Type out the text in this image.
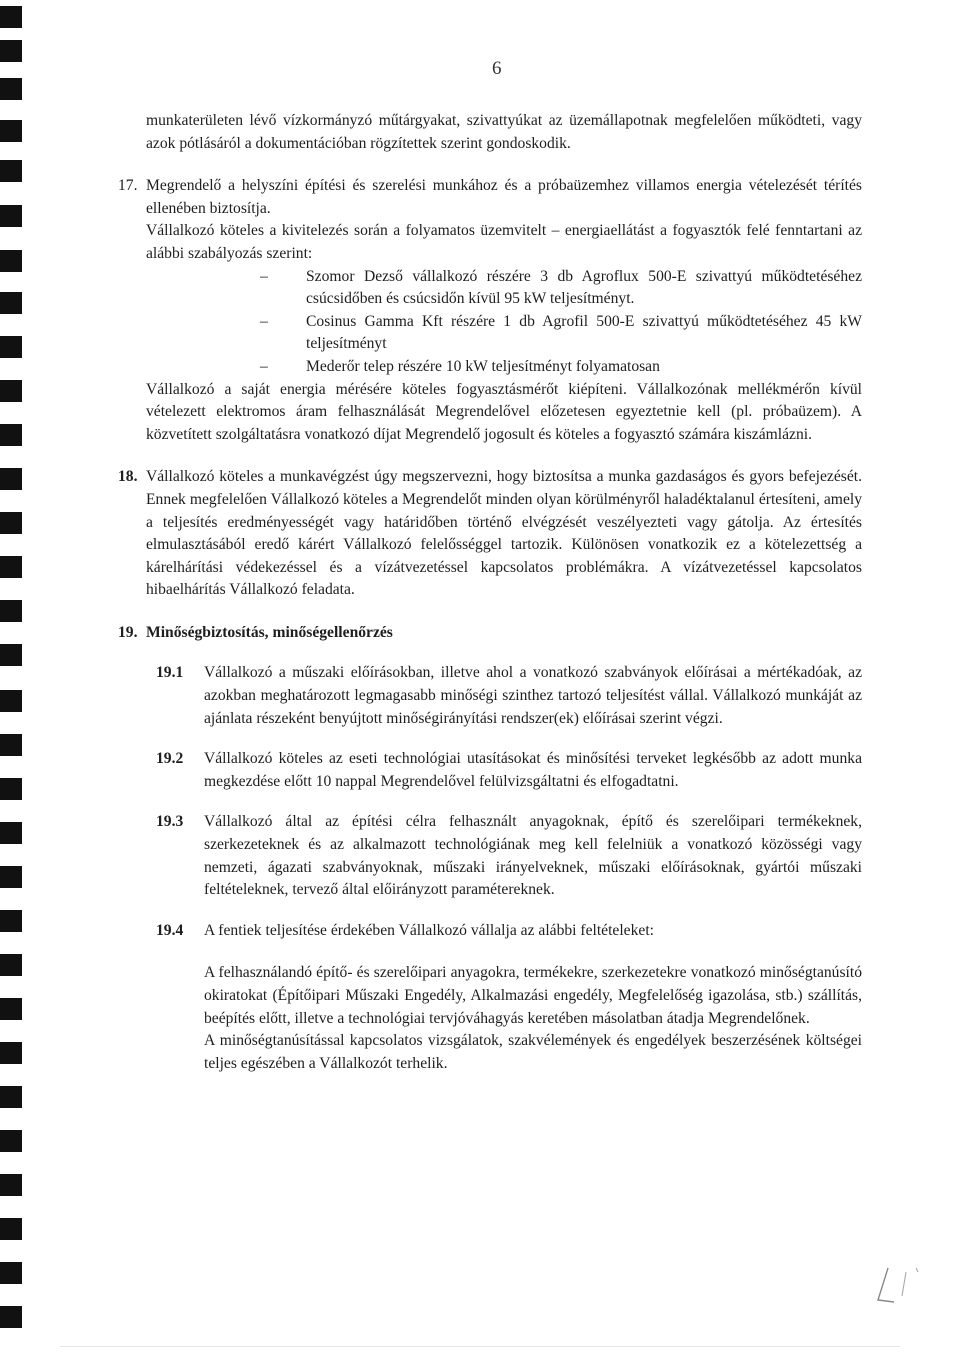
6

munkaterületen lévő vízkormányzó műtárgyakat, szivattyúkat az üzemállapotnak megfelelően működteti, vagy azok pótlásáról a dokumentációban rögzítettek szerint gondoskodik.

17. Megrendelő a helyszíni építési és szerelési munkához és a próbaüzemhez villamos energia vételezését térítés ellenében biztosítja.

Vállalkozó köteles a kivitelezés során a folyamatos üzemvitelt – energiaellátást a fogyasztók felé fenntartani az alábbi szabályozás szerint:

– Szomor Dezső vállalkozó részére 3 db Agroflux 500-E szivattyú működtetéséhez csúcsidőben és csúcsidőn kívül 95 kW teljesítményt.
– Cosinus Gamma Kft részére 1 db Agrofil 500-E szivattyú működtetéséhez 45 kW teljesítményt
– Mederőr telep részére 10 kW teljesítményt folyamatosan

Vállalkozó a saját energia mérésére köteles fogyasztásmérőt kiépíteni. Vállalkozónak mellékmérőn kívül vételezett elektromos áram felhasználását Megrendelővel előzetesen egyeztetnie kell (pl. próbaüzem). A közvetített szolgáltatásra vonatkozó díjat Megrendelő jogosult és köteles a fogyasztó számára kiszámlázni.

18. Vállalkozó köteles a munkavégzést úgy megszervezni, hogy biztosítsa a munka gazdaságos és gyors befejezését. Ennek megfelelően Vállalkozó köteles a Megrendelőt minden olyan körülményről haladéktalanul értesíteni, amely a teljesítés eredményességét vagy határidőben történő elvégzését veszélyezteti vagy gátolja. Az értesítés elmulasztásából eredő kárért Vállalkozó felelősséggel tartozik. Különösen vonatkozik ez a kötelezettség a kárelhárítási védekezéssel és a vízátvezetéssel kapcsolatos problémákra. A vízátvezetéssel kapcsolatos hibaelhárítás Vállalkozó feladata.

19. Minőségbiztosítás, minőségellenőrzés

19.1 Vállalkozó a műszaki előírásokban, illetve ahol a vonatkozó szabványok előírásai a mértékadóak, az azokban meghatározott legmagasabb minőségi szinthez tartozó teljesítést vállal. Vállalkozó munkáját az ajánlata részeként benyújtott minőségirányítási rendszer(ek) előírásai szerint végzi.

19.2 Vállalkozó köteles az eseti technológiai utasításokat és minősítési terveket legkésőbb az adott munka megkezdése előtt 10 nappal Megrendelővel felülvizsgáltatni és elfogadtatni.

19.3 Vállalkozó által az építési célra felhasznált anyagoknak, építő és szerelőipari termékeknek, szerkezeteknek és az alkalmazott technológiának meg kell felelniük a vonatkozó közösségi vagy nemzeti, ágazati szabványoknak, műszaki irányelveknek, műszaki előírásoknak, gyártói műszaki feltételeknek, tervező által előirányzott paramétereknek.

19.4 A fentiek teljesítése érdekében Vállalkozó vállalja az alábbi feltételeket:

A felhasználandó építő- és szerelőipari anyagokra, termékekre, szerkezetekre vonatkozó minőségtanúsító okiratokat (Építőipari Műszaki Engedély, Alkalmazási engedély, Megfelelőség igazolása, stb.) szállítás, beépítés előtt, illetve a technológiai tervjóváhagyás keretében másolatban átadja Megrendelőnek.

A minőségtanúsítással kapcsolatos vizsgálatok, szakvélemények és engedélyek beszerzésének költségei teljes egészében a Vállalkozót terhelik.
